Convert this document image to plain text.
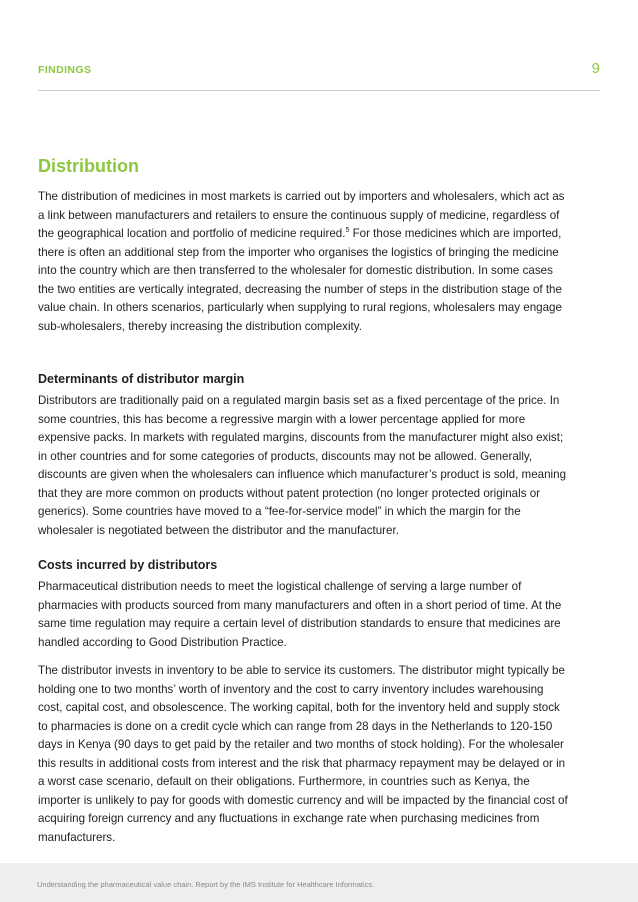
FINDINGS	9
Distribution

The distribution of medicines in most markets is carried out by importers and wholesalers, which act as a link between manufacturers and retailers to ensure the continuous supply of medicine, regardless of the geographical location and portfolio of medicine required.$^5$ For those medicines which are imported, there is often an additional step from the importer who organises the logistics of bringing the medicine into the country which are then transferred to the wholesaler for domestic distribution. In some cases the two entities are vertically integrated, decreasing the number of steps in the distribution stage of the value chain. In others scenarios, particularly when supplying to rural regions, wholesalers may engage sub-wholesalers, thereby increasing the distribution complexity.

Determinants of distributor margin

Distributors are traditionally paid on a regulated margin basis set as a fixed percentage of the price. In some countries, this has become a regressive margin with a lower percentage applied for more expensive packs. In markets with regulated margins, discounts from the manufacturer might also exist; in other countries and for some categories of products, discounts may not be allowed. Generally, discounts are given when the wholesalers can influence which manufacturer’s product is sold, meaning that they are more common on products without patent protection (no longer protected originals or generics). Some countries have moved to a “fee-for-service model” in which the margin for the wholesaler is negotiated between the distributor and the manufacturer.

Costs incurred by distributors

Pharmaceutical distribution needs to meet the logistical challenge of serving a large number of pharmacies with products sourced from many manufacturers and often in a short period of time. At the same time regulation may require a certain level of distribution standards to ensure that medicines are handled according to Good Distribution Practice.

The distributor invests in inventory to be able to service its customers. The distributor might typically be holding one to two months’ worth of inventory and the cost to carry inventory includes warehousing cost, capital cost, and obsolescence. The working capital, both for the inventory held and supply stock to pharmacies is done on a credit cycle which can range from 28 days in the Netherlands to 120-150 days in Kenya (90 days to get paid by the retailer and two months of stock holding). For the wholesaler this results in additional costs from interest and the risk that pharmacy repayment may be delayed or in a worst case scenario, default on their obligations. Furthermore, in countries such as Kenya, the importer is unlikely to pay for goods with domestic currency and will be impacted by the financial cost of acquiring foreign currency and any fluctuations in exchange rate when purchasing medicines from manufacturers.

Understanding the pharmaceutical value chain. Report by the IMS Institute for Healthcare Informatics.
